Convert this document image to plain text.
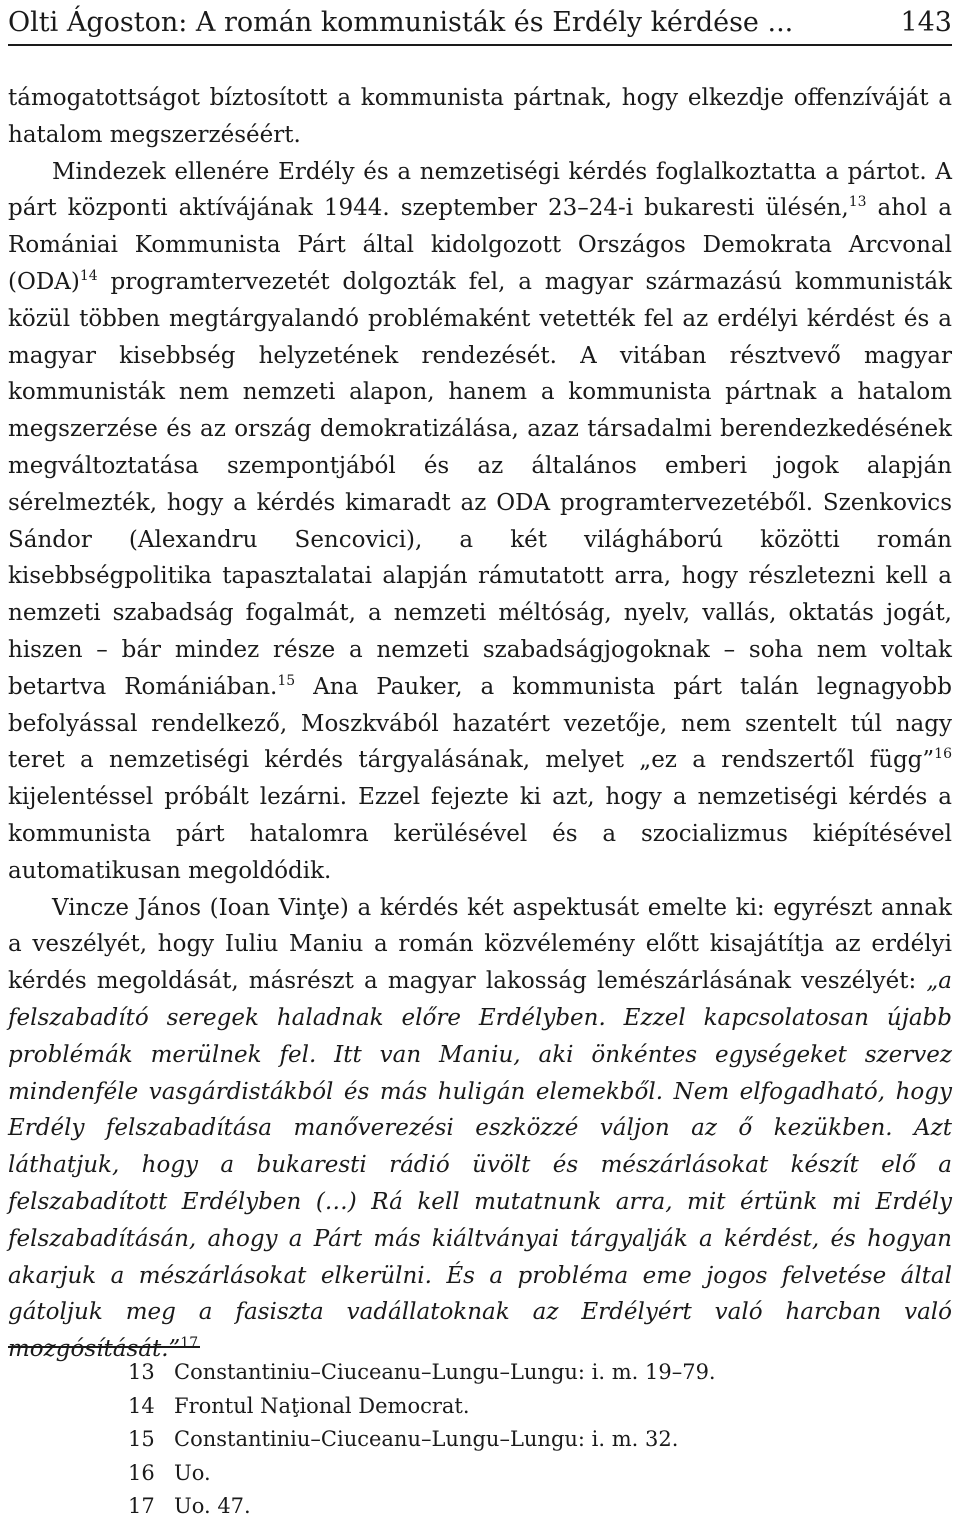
Olti Ágoston: A román kommunisták és Erdély kérdése ...	143

támogatottságot bíztosított a kommunista pártnak, hogy elkezdje offenzíváját a hatalom megszerzéséért.

Mindezek ellenére Erdély és a nemzetiségi kérdés foglalkoztatta a pártot. A párt központi aktívájának 1944. szeptember 23–24-i bukaresti ülésén,$^{13}$ ahol a Romániai Kommunista Párt által kidolgozott Országos Demokrata Arcvonal (ODA)$^{14}$ programtervezetét dolgozták fel, a magyar származású kommunisták közül többen megtárgyalandó problémaként vetették fel az erdélyi kérdést és a magyar kisebbség helyzetének rendezését. A vitában résztvevő magyar kommunisták nem nemzeti alapon, hanem a kommunista pártnak a hatalom megszerzése és az ország demokratizálása, azaz társadalmi berendezkedésének megváltoztatása szempontjából és az általános emberi jogok alapján sérelmezték, hogy a kérdés kimaradt az ODA programtervezetéből. Szenkovics Sándor (Alexandru Sencovici), a két világháború közötti román kisebbségpolitika tapasztalatai alapján rámutatott arra, hogy részletezni kell a nemzeti szabadság fogalmát, a nemzeti méltóság, nyelv, vallás, oktatás jogát, hiszen – bár mindez része a nemzeti szabadságjogoknak – soha nem voltak betartva Romániában.$^{15}$ Ana Pauker, a kommunista párt talán legnagyobb befolyással rendelkező, Moszkvából hazatért vezetője, nem szentelt túl nagy teret a nemzetiségi kérdés tárgyalásának, melyet „ez a rendszertől függ”$^{16}$ kijelentéssel próbált lezárni. Ezzel fejezte ki azt, hogy a nemzetiségi kérdés a kommunista párt hatalomra kerülésével és a szocializmus kiépítésével automatikusan megoldódik.

Vincze János (Ioan Vinţe) a kérdés két aspektusát emelte ki: egyrészt annak a veszélyét, hogy Iuliu Maniu a román közvélemény előtt kisajátítja az erdélyi kérdés megoldását, másrészt a magyar lakosság lemészárlásának veszélyét: „a felszabadító seregek haladnak előre Erdélyben. Ezzel kapcsolatosan újabb problémák merülnek fel. Itt van Maniu, aki önkéntes egységeket szervez mindenféle vasgárdistákból és más huligán elemekből. Nem elfogadható, hogy Erdély felszabadítása manőverezési eszközzé váljon az ő kezükben. Azt láthatjuk, hogy a bukaresti rádió üvölt és mészárlásokat készít elő a felszabadított Erdélyben (…) Rá kell mutatnunk arra, mit értünk mi Erdély felszabadításán, ahogy a Párt más kiáltványai tárgyalják a kérdést, és hogyan akarjuk a mészárlásokat elkerülni. És a probléma eme jogos felvetése által gátoljuk meg a fasiszta vadállatoknak az Erdélyért való harcban való mozgósítását.”$^{17}$

13 Constantiniu–Ciuceanu–Lungu–Lungu: i. m. 19–79.
14 Frontul Naţional Democrat.
15 Constantiniu–Ciuceanu–Lungu–Lungu: i. m. 32.
16 Uo.
17 Uo. 47.
